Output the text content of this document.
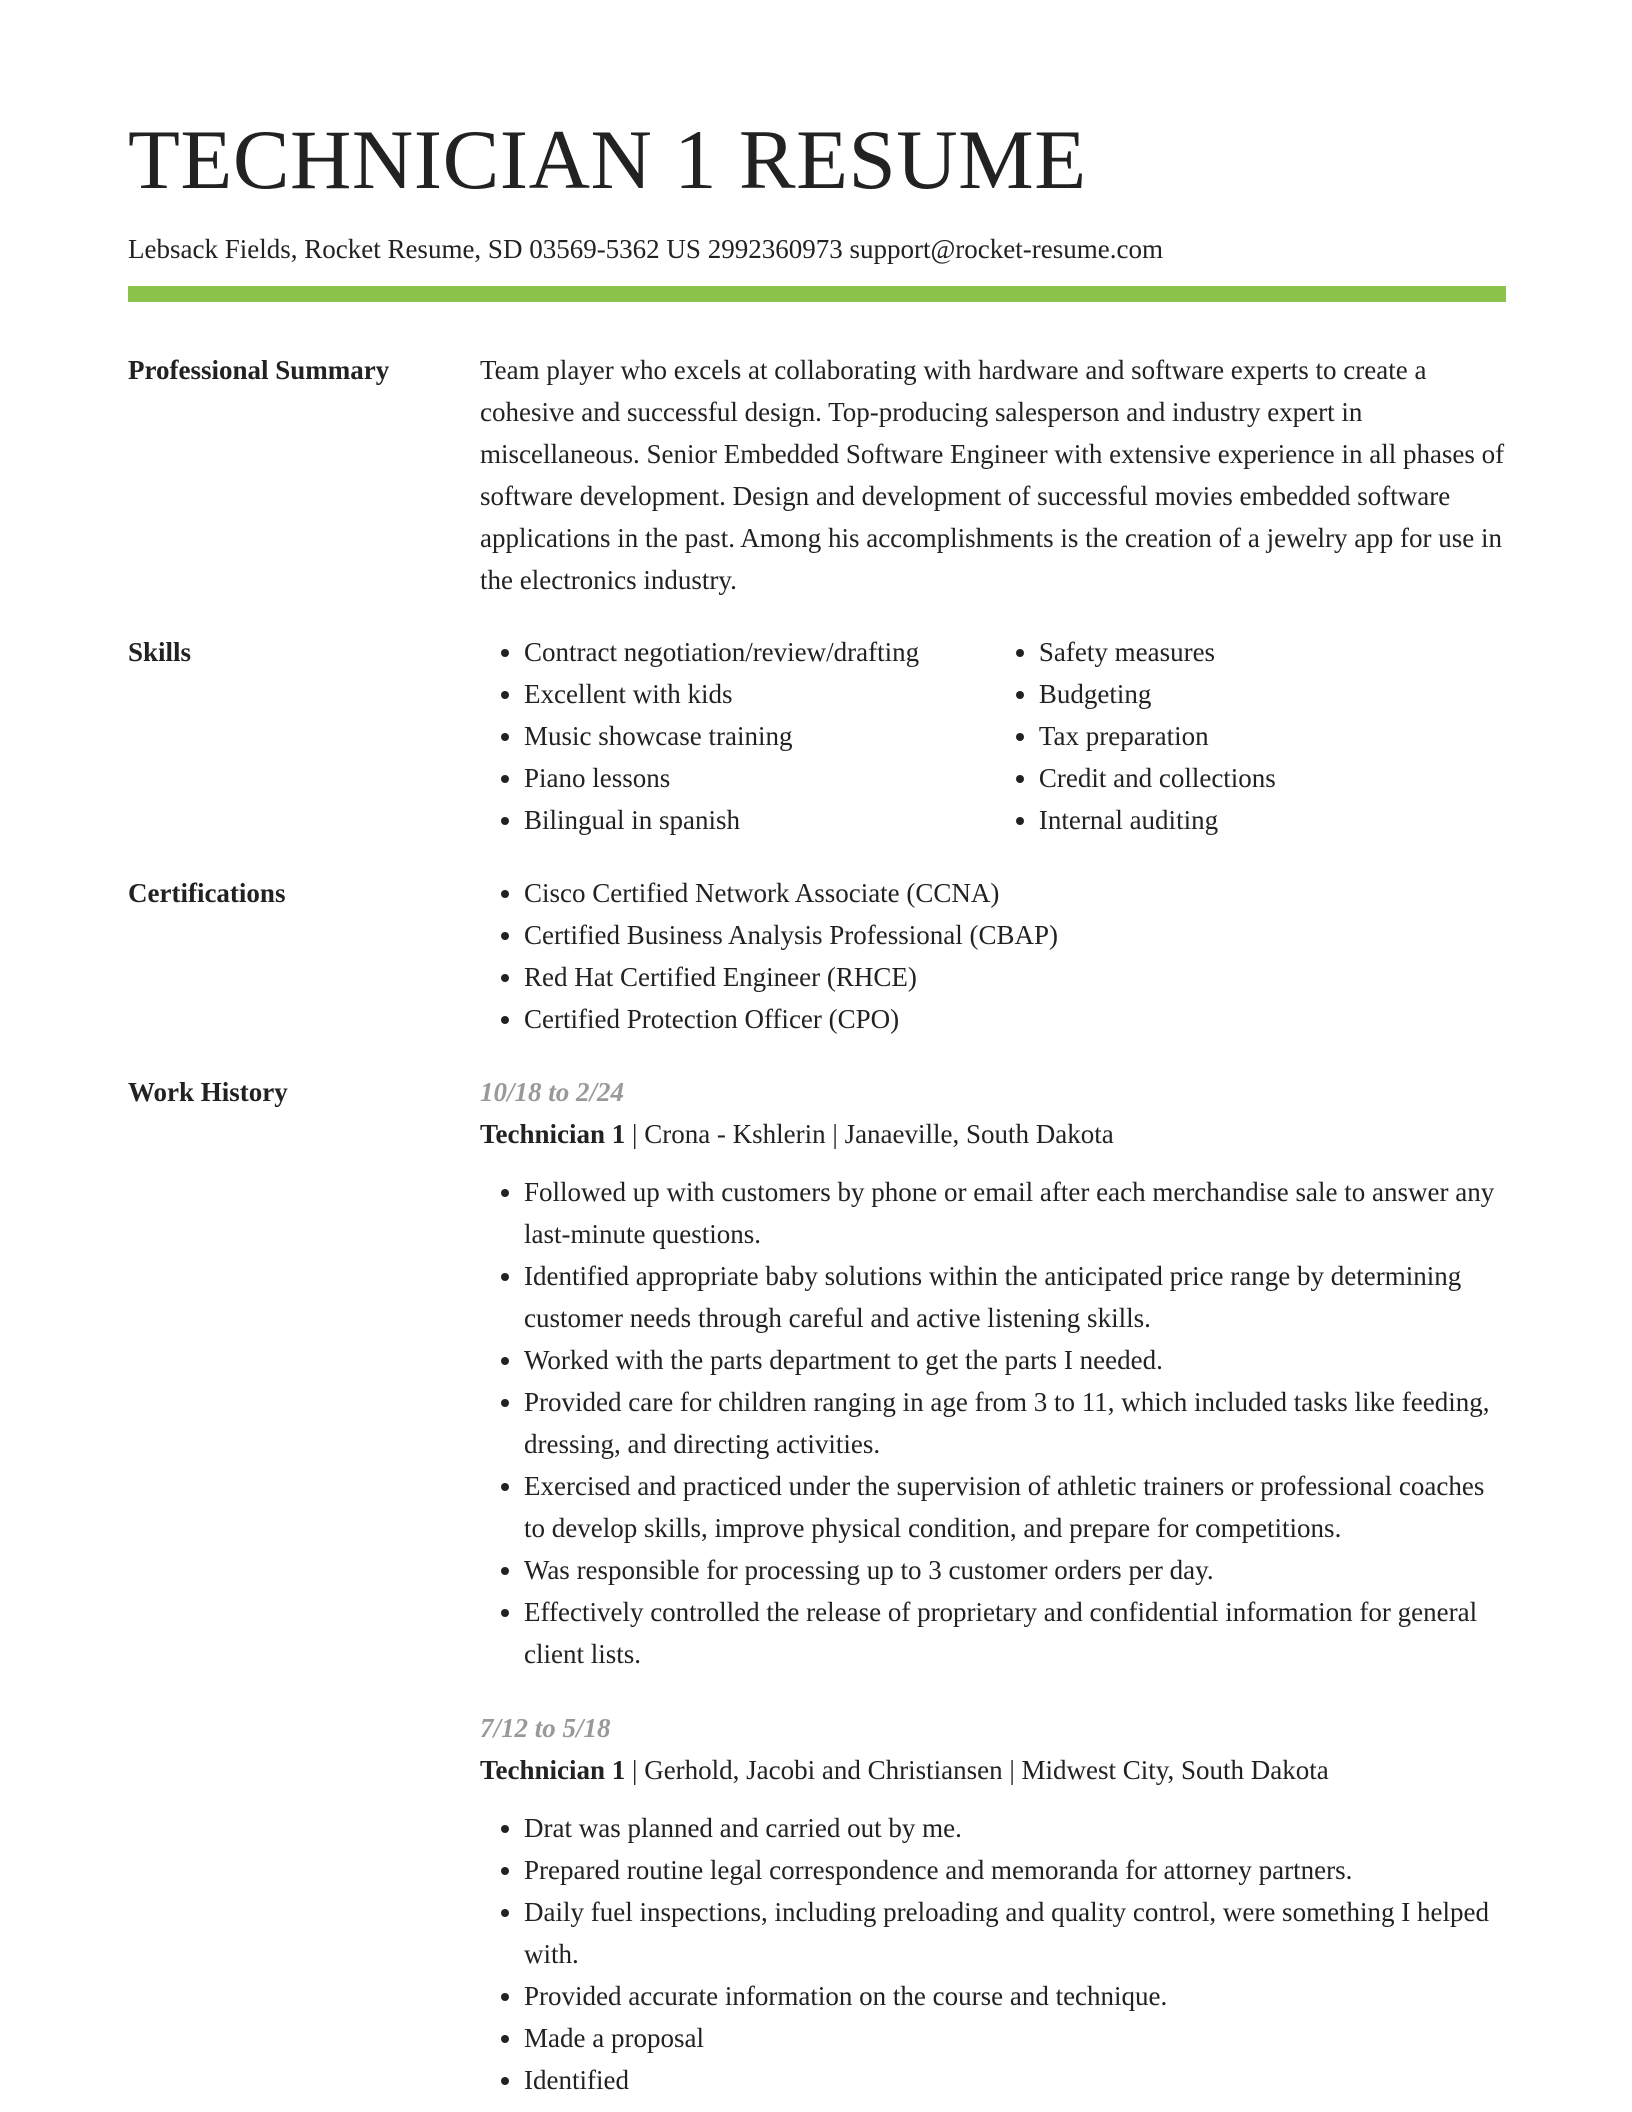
TECHNICIAN 1 RESUME
Lebsack Fields, Rocket Resume, SD 03569-5362 US 2992360973 support@rocket-resume.com
Professional Summary	Team player who excels at collaborating with hardware and software experts to create a cohesive and successful design. Top-producing salesperson and industry expert in miscellaneous. Senior Embedded Software Engineer with extensive experience in all phases of software development. Design and development of successful movies embedded software applications in the past. Among his accomplishments is the creation of a jewelry app for use in the electronics industry.

Skills	• Contract negotiation/review/drafting
• Excellent with kids
• Music showcase training
• Piano lessons
• Bilingual in spanish
• Safety measures
• Budgeting
• Tax preparation
• Credit and collections
• Internal auditing
Certifications	• Cisco Certified Network Associate (CCNA)
• Certified Business Analysis Professional (CBAP)
• Red Hat Certified Engineer (RHCE)
• Certified Protection Officer (CPO)
Work History	10/18 to 2/24
Technician 1 | Crona - Kshlerin | Janaeville, South Dakota
• Followed up with customers by phone or email after each merchandise sale to answer any last-minute questions.
• Identified appropriate baby solutions within the anticipated price range by determining customer needs through careful and active listening skills.
• Worked with the parts department to get the parts I needed.
• Provided care for children ranging in age from 3 to 11, which included tasks like feeding, dressing, and directing activities.
• Exercised and practiced under the supervision of athletic trainers or professional coaches to develop skills, improve physical condition, and prepare for competitions.
• Was responsible for processing up to 3 customer orders per day.
• Effectively controlled the release of proprietary and confidential information for general client lists.
7/12 to 5/18
Technician 1 | Gerhold, Jacobi and Christiansen | Midwest City, South Dakota
• Drat was planned and carried out by me.
• Prepared routine legal correspondence and memoranda for attorney partners.
• Daily fuel inspections, including preloading and quality control, were something I helped with.
• Provided accurate information on the course and technique.
• Made a proposal
• Identified
